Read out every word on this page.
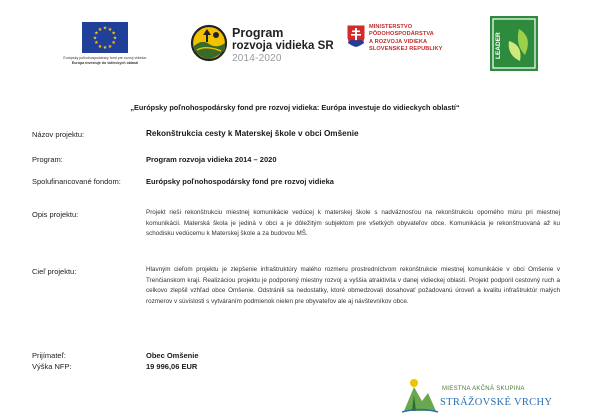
★ ★
★
★
★
★
★
★
★
★
★
★
Európsky poľnohospodársky fond pre rozvoj vidieka:
Európa investuje do vidieckych oblastí
Program
rozvoja vidieka SR
2014-2020
MINISTERSTVO
PÔDOHOSPODÁRSTVA
A ROZVOJA VIDIEKA
SLOVENSKEJ REPUBLIKY	LEADER
„Európsky poľnohospodársky fond pre rozvoj vidieka: Európa investuje do vidieckych oblastí“
Názov projektu:	Rekonštrukcia cesty k Materskej škole v obci Omšenie
Program:	Program rozvoja vidieka 2014 – 2020
Spolufinancované fondom:	Európsky poľnohospodársky fond pre rozvoj vidieka
Opis projektu:	Projekt rieši rekonštrukciu miestnej komunikácie vedúcej k materskej škole s nadväznosťou na rekonštrukciu oporného múru pri miestnej komunikácii. Materská škola je jediná v obci a je dôležitým subjektom pre všetkých obyvateľov obce. Komunikácia je rekonštruovaná až ku schodisku vedúcemu k Materskej škole a za budovou MŠ.
Cieľ projektu:	Hlavným cieľom projektu je zlepšenie infraštruktúry malého rozmeru prostredníctvom rekonštrukcie miestnej komunikácie v obci Omšenie v Trenčianskom kraji. Realizáciou projektu je podporený miestny rozvoj a vyššia atraktivita v danej vidieckej oblasti. Projekt podporil cestovný ruch a celkovo zlepšil vzhľad obce Omšenie. Odstránili sa nedostatky, ktoré obmedzovali dosahovať požadovanú úroveň a kvalitu infraštruktúr malých rozmerov v súvislosti s vytváraním podmienok nielen pre obyvateľov ale aj návštevníkov obce.
Prijímateľ:	Obec Omšenie
Výška NFP:	19 996,06 EUR
MIESTNA AKČNÁ SKUPINA
STRÁŽOVSKÉ VRCHY
